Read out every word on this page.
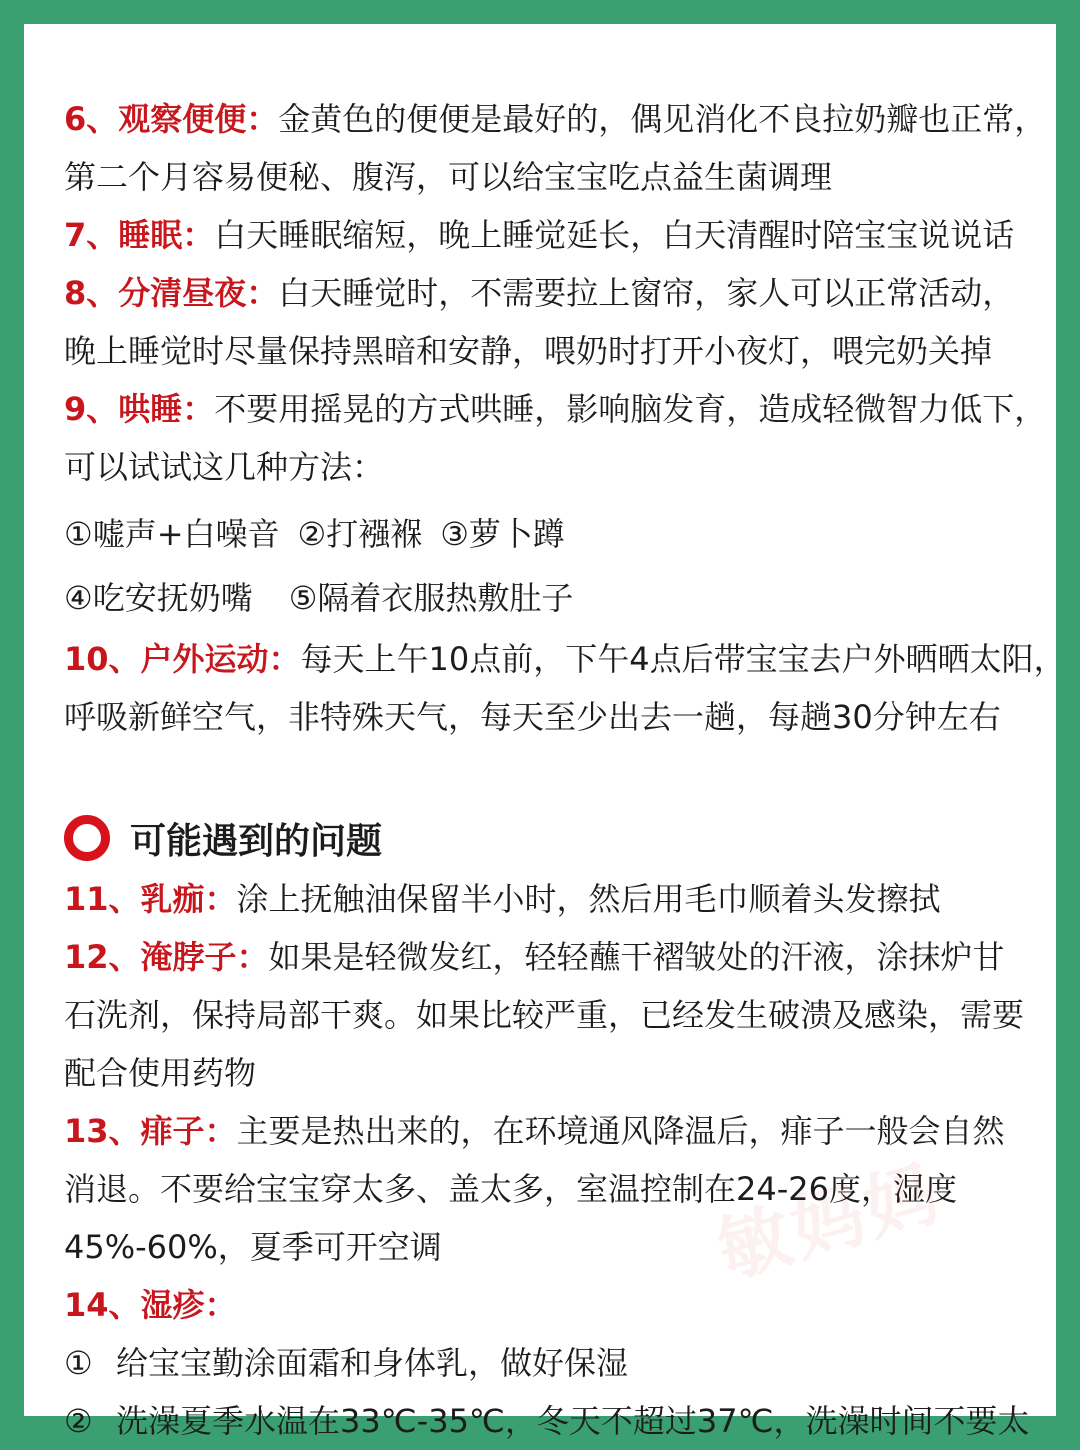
6、观察便便：金黄色的便便是最好的，偶见消化不良拉奶瓣也正常，
第二个月容易便秘、腹泻，可以给宝宝吃点益生菌调理
7、睡眠：白天睡眠缩短，晚上睡觉延长，白天清醒时陪宝宝说说话
8、分清昼夜：白天睡觉时，不需要拉上窗帘，家人可以正常活动，
晚上睡觉时尽量保持黑暗和安静，喂奶时打开小夜灯，喂完奶关掉
9、哄睡：不要用摇晃的方式哄睡，影响脑发育，造成轻微智力低下，
可以试试这几种方法：
①嘘声+白噪音 ②打襁褓 ③萝卜蹲
④吃安抚奶嘴 ⑤隔着衣服热敷肚子
10、户外运动：每天上午10点前，下午4点后带宝宝去户外晒晒太阳，
呼吸新鲜空气，非特殊天气，每天至少出去一趟，每趟30分钟左右
可能遇到的问题
11、乳痂：涂上抚触油保留半小时，然后用毛巾顺着头发擦拭
12、淹脖子：如果是轻微发红，轻轻蘸干褶皱处的汗液，涂抹炉甘
石洗剂，保持局部干爽。如果比较严重，已经发生破溃及感染，需要
配合使用药物
13、痱子：主要是热出来的，在环境通风降温后，痱子一般会自然
消退。不要给宝宝穿太多、盖太多，室温控制在24-26度，湿度
45%-60%，夏季可开空调
14、湿疹：
① 给宝宝勤涂面霜和身体乳，做好保湿
② 洗澡夏季水温在33℃-35℃，冬天不超过37℃，洗澡时间不要太
敏妈妈
